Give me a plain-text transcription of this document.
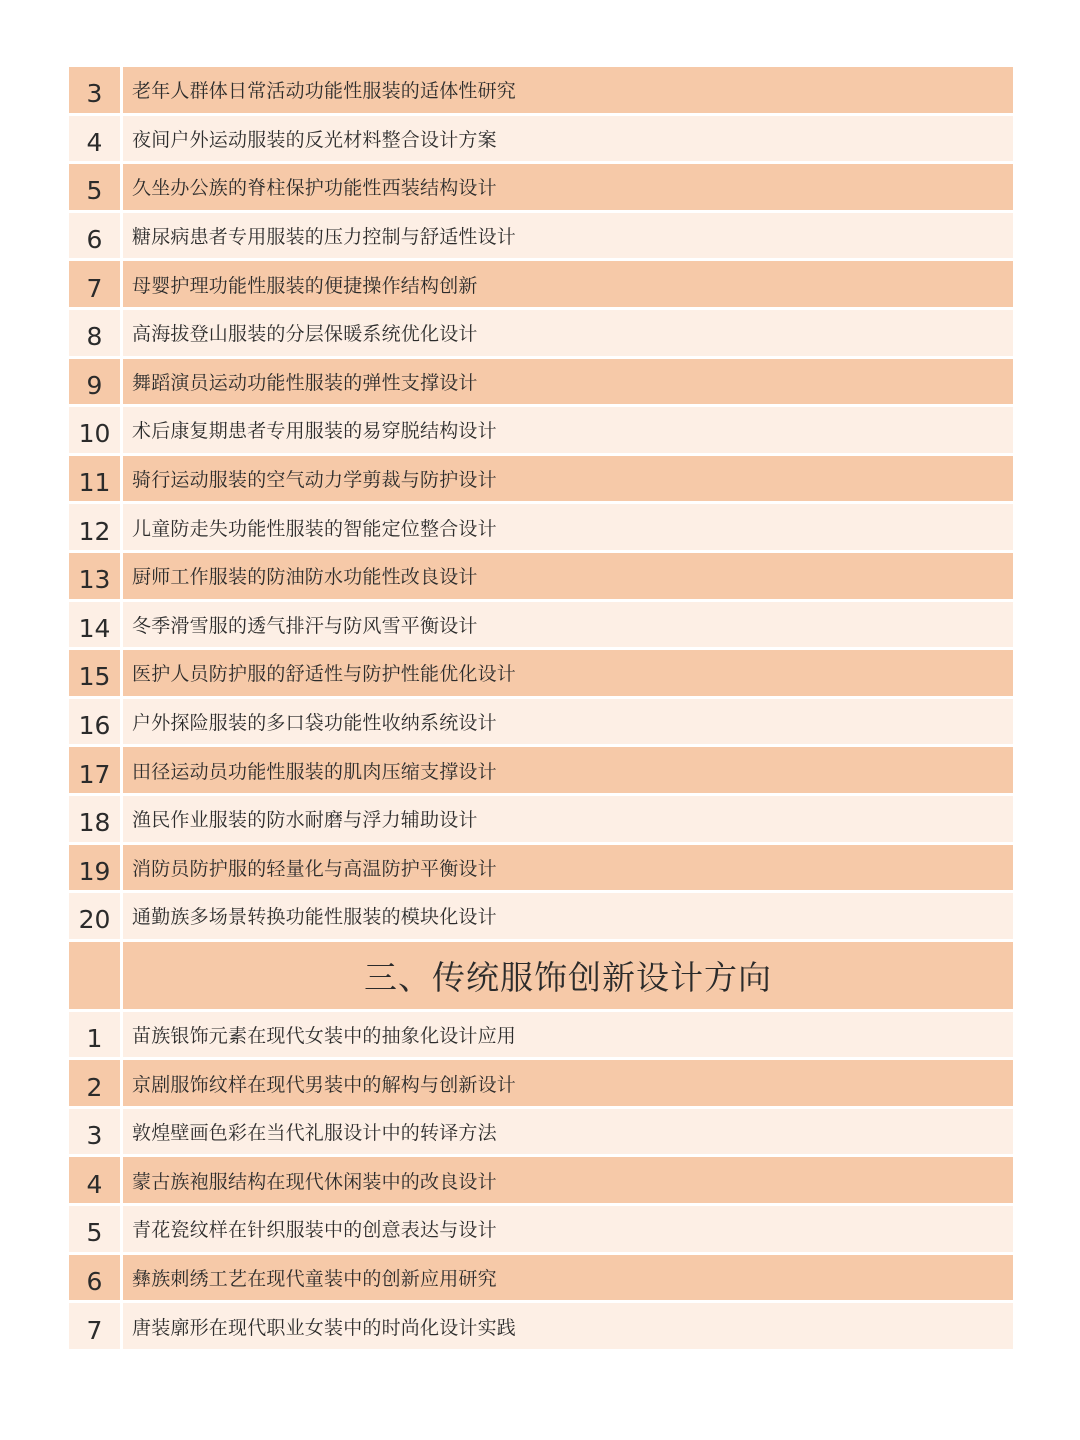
3	老年人群体日常活动功能性服装的适体性研究
4	夜间户外运动服装的反光材料整合设计方案
5	久坐办公族的脊柱保护功能性西装结构设计
6	糖尿病患者专用服装的压力控制与舒适性设计
7	母婴护理功能性服装的便捷操作结构创新
8	高海拔登山服装的分层保暖系统优化设计
9	舞蹈演员运动功能性服装的弹性支撑设计
10	术后康复期患者专用服装的易穿脱结构设计
11	骑行运动服装的空气动力学剪裁与防护设计
12	儿童防走失功能性服装的智能定位整合设计
13	厨师工作服装的防油防水功能性改良设计
14	冬季滑雪服的透气排汗与防风雪平衡设计
15	医护人员防护服的舒适性与防护性能优化设计
16	户外探险服装的多口袋功能性收纳系统设计
17	田径运动员功能性服装的肌肉压缩支撑设计
18	渔民作业服装的防水耐磨与浮力辅助设计
19	消防员防护服的轻量化与高温防护平衡设计
20	通勤族多场景转换功能性服装的模块化设计
三、传统服饰创新设计方向
1	苗族银饰元素在现代女装中的抽象化设计应用
2	京剧服饰纹样在现代男装中的解构与创新设计
3	敦煌壁画色彩在当代礼服设计中的转译方法
4	蒙古族袍服结构在现代休闲装中的改良设计
5	青花瓷纹样在针织服装中的创意表达与设计
6	彝族刺绣工艺在现代童装中的创新应用研究
7	唐装廓形在现代职业女装中的时尚化设计实践
